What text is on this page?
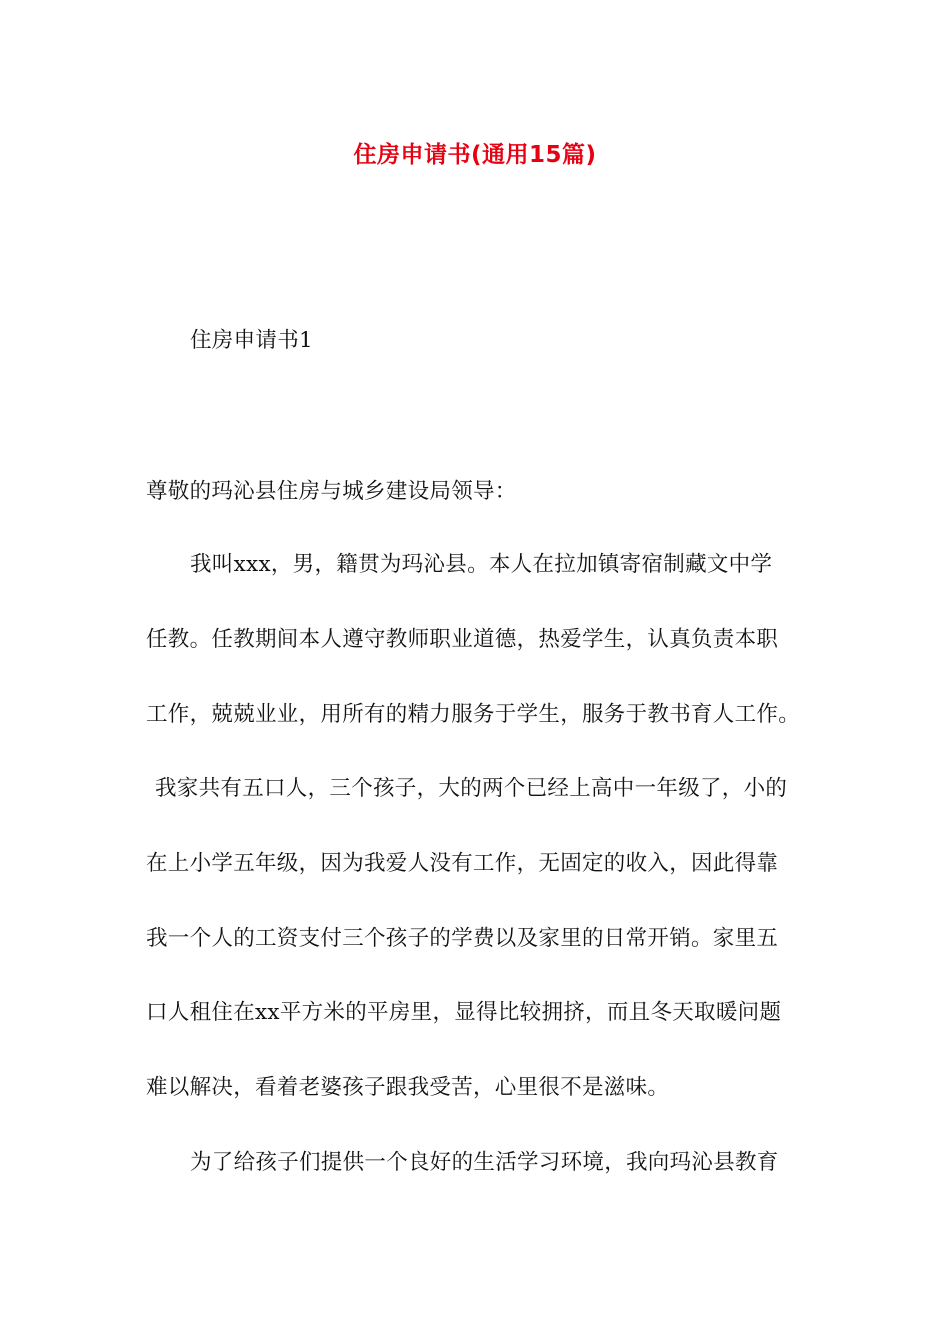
住房申请书(通用15篇)
住房申请书1
尊敬的玛沁县住房与城乡建设局领导：
我叫xxx，男，籍贯为玛沁县。本人在拉加镇寄宿制藏文中学
任教。任教期间本人遵守教师职业道德，热爱学生，认真负责本职
工作，兢兢业业，用所有的精力服务于学生，服务于教书育人工作。
我家共有五口人，三个孩子，大的两个已经上高中一年级了，小的
在上小学五年级，因为我爱人没有工作，无固定的收入，因此得靠
我一个人的工资支付三个孩子的学费以及家里的日常开销。家里五
口人租住在xx平方米的平房里，显得比较拥挤，而且冬天取暖问题
难以解决，看着老婆孩子跟我受苦，心里很不是滋味。
为了给孩子们提供一个良好的生活学习环境，我向玛沁县教育
